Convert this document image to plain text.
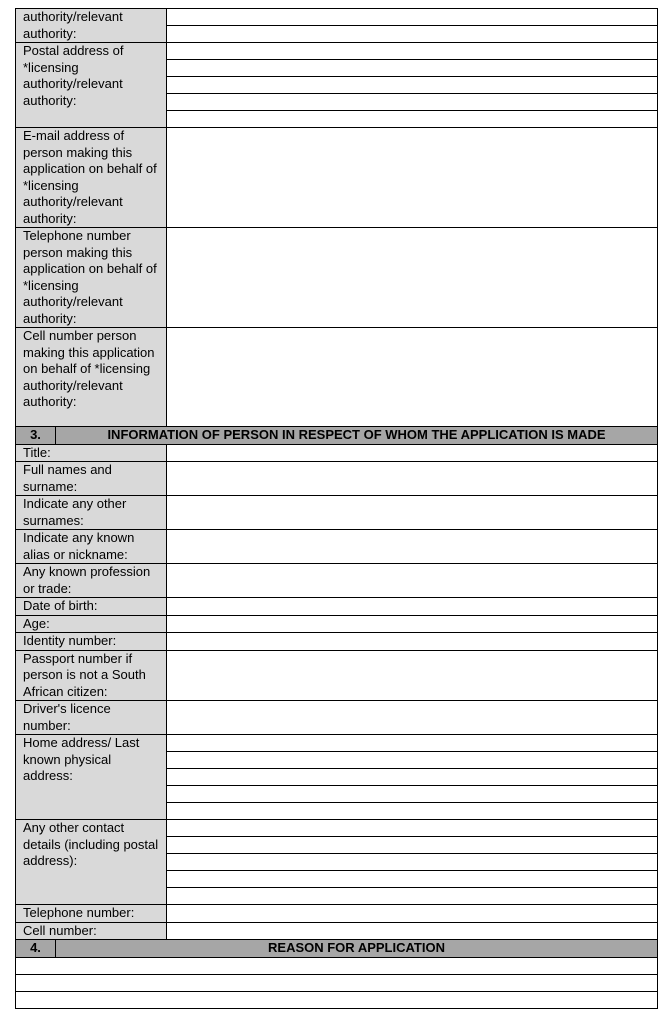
authority/relevant authority:		

Postal address of *licensing authority/relevant authority:		

E-mail address of person making this application on behalf of *licensing authority/relevant authority:		
Telephone number person making this application on behalf of *licensing authority/relevant authority:		
Cell number person making this application on behalf of *licensing authority/relevant authority:		
3.	INFORMATION OF PERSON IN RESPECT OF WHOM THE APPLICATION IS MADE	
Title:		
Full names and surname:		
Indicate any other surnames:		
Indicate any known alias or nickname:		
Any known profession or trade:		
Date of birth:		
Age:		
Identity number:		
Passport number if person is not a South African citizen:		
Driver's licence number:		
Home address/ Last known physical address:		

Any other contact details (including postal address):		

Telephone number:		
Cell number:		
4.	REASON FOR APPLICATION	
